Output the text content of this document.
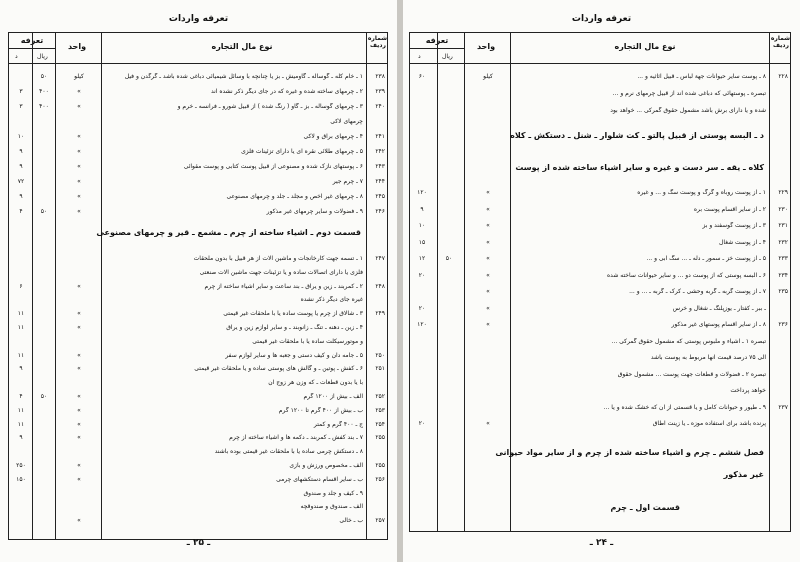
تعرفه واردات
شماره ردیف
نوع مال التجاره
واحد
تعرفه
ریال
د
۲۳۸
۱ ـ خام کله ـ گوساله ـ گاومیش ـ بز یا چنانچه با وسائل شیمیائی دباغی شده باشد ـ گرگدن و فیل
کیلو
۵۰
۲۳۹
۲ ـ چرمهای ساخته شده و غیره که در جای دیگر ذکر نشده اند
«
۴۰۰
۳
۲۴۰
۳ ـ چرمهای گوساله ـ بز ـ گاو ( رنگ شده ) از قبیل شورو ـ فرانسه ـ خرم و
«
۴۰۰
۳
چرمهای لاکی
۲۴۱
۴ ـ چرمهای براق و لاکی
«
۱۰
۲۴۲
۵ ـ چرمهای طلائی نقره ای یا دارای تزئینات فلزی
«
۹
۲۴۳
۶ ـ پوستهای نازک شده و مصنوعی از قبیل پوست کتابی و پوست مقوائی
«
۹
۲۴۴
۷ ـ چرم جیر
«
۷۲
۲۴۵
۸ ـ چرمهای غیر اخص و مجلد ـ جلد و چرمهای مصنوعی
«
۹
۲۴۶
۹ ـ فضولات و سایر چرمهای غیر مذکور
«
۵۰
۴
قسمت دوم ـ اشیاء ساخته از چرم ـ مشمع ـ قیر و چرمهای مصنوعی
۲۴۷
۱ ـ تسمه جهت کارخانجات و ماشین آلات از هر قبیل با بدون ملحقات
فلزی یا دارای اتصالات ساده و یا تزئینات جهت ماشین آلات صنعتی
۲۴۸
۲ ـ کمربند ـ زین و یراق ـ بند ساعت و سایر اشیاء ساخته از چرم
«
۶
غیره جای دیگر ذکر نشده
۲۴۹
۳ ـ شالاق از چرم یا پوست ساده یا با ملحقات غیر قیمتی
«
۱۱
۴ ـ زین ـ دهنه ـ تنگ ـ زانوبند ـ و سایر لوازم زین و یراق
«
۱۱
و موتورسیکلت ساده یا با ملحقات غیر قیمتی
۲۵۰
۵ ـ جامه دان و کیف دستی و جعبه ها و سایر لوازم سفر
«
۱۱
۲۵۱
۶ ـ کفش ـ پوتین ـ و گالش های پوستی ساده و یا ملحقات غیر قیمتی
«
۹
با یا بدون قطعات ـ که وزن هر زوج آن
۲۵۲
الف ـ بیش از ۱۲۰۰ گرم
«
۵۰
۴
۲۵۳
ب ـ بیش از ۴۰۰ گرم تا ۱۲۰۰ گرم
«
۱۱
۲۵۴
ج ـ ۴۰۰ گرم و کمتر
«
۱۱
۲۵۵
۷ ـ بند کفش ـ کمربند ـ دکمه ها و اشیاء ساخته از چرم
«
۹
۸ ـ دستکش چرمی ساده یا با ملحقات غیر قیمتی بوده باشند
۲۵۵
الف ـ مخصوص ورزش و بازی
«
۲۵۰
۲۵۶
ب ـ سایر اقسام دستکشهای چرمی
«
۱۵۰
۹ ـ کیف و جلد و صندوق
الف ـ صندوق و صندوقچه
۲۵۷
ب ـ خالی
«
ـ ۲۵ ـ
تعرفه واردات
شماره ردیف
نوع مال التجاره
واحد
تعرفه
ریال
د
۲۲۸
۸ ـ پوست سایر حیوانات جهة لباس ـ قبیل اثاثیه و ...
کیلو
۶۰
تبصره ـ پوستهائی که دباغی شده اند از قبیل چرمهای نرم و ...
شده و یا دارای برش باشد مشمول حقوق گمرکی ... خواهد بود
د ـ البسه پوستی از قبیل پالتو ـ کت شلوار ـ شنل ـ دستکش ـ کلاه
کلاه ـ یقه ـ سر دست و غیره و سایر اشیاء ساخته شده از پوست
۲۲۹
۱ ـ از پوست روباه و گرگ و پوست سگ و ... و غیره
«
۱۲۰
۲۳۰
۲ ـ از سایر اقسام پوست بره
«
۹
۲۳۱
۳ ـ از پوست گوسفند و بز
«
۱۰
۲۳۲
۴ ـ از پوست شغال
«
۱۵
۲۳۳
۵ ـ از پوست خز ـ سمور ـ دله ـ ... سگ آبی و ...
«
۵۰
۱۲
۲۳۴
۶ ـ البسه پوستی که از پوست دو ... و سایر حیوانات ساخته شده
«
۲۰
۲۳۵
۷ ـ از پوست گربه ـ گربه وحشی ـ کرک ـ گربه ـ ... و ...
«
ـ ببر ـ کفتار ـ یوزپلنگ ـ شغال و خرس
«
۲۰
۲۳۶
۸ ـ از سایر اقسام پوستهای غیر مذکور
«
۱۲۰
تبصره ۱ ـ اشیاء و ملبوس پوستی که مشمول حقوق گمرکی ...
الی ۷۵ درصد قیمت آنها مربوط به پوست باشد
تبصره ۲ ـ فضولات و قطعات جهت پوست ... مشمول حقوق
خواهد پرداخت
۲۳۷
۹ ـ طیور و حیوانات کامل و یا قسمتی از آن که خشک شده و یا ...
پرنده باشد برای استفاده موزه ـ یا زینت اطاق
«
۲۰
فصل ششم ـ چرم و اشیاء ساخته شده از چرم و از سایر مواد حیوانی
غیر مذکور
قسمت اول ـ چرم
ـ ۲۴ ـ
